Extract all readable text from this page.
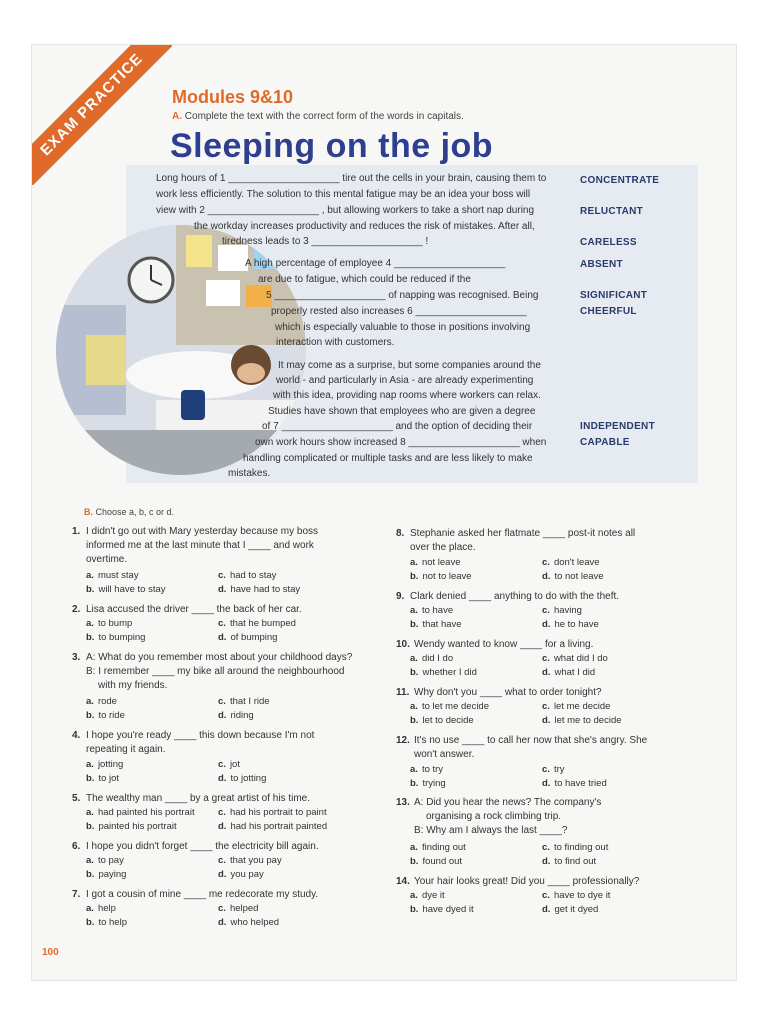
EXAM PRACTICE	Modules 9&10
A. Complete the text with the correct form of the words in capitals.
Sleeping on the job
Long hours of 1 ____________________ tire out the cells in your brain, causing them to
work less efficiently. The solution to this mental fatigue may be an idea your boss will
view with 2 ____________________ , but allowing workers to take a short nap during
the workday increases productivity and reduces the risk of mistakes. After all,
tiredness leads to 3 ____________________ !
A high percentage of employee 4 ____________________
are due to fatigue, which could be reduced if the
5 ____________________ of napping was recognised. Being
properly rested also increases 6 ____________________
which is especially valuable to those in positions involving
interaction with customers.
It may come as a surprise, but some companies around the
world - and particularly in Asia - are already experimenting
with this idea, providing nap rooms where workers can relax.
Studies have shown that employees who are given a degree
of 7 ____________________ and the option of deciding their
own work hours show increased 8 ____________________ when
handling complicated or multiple tasks and are less likely to make
mistakes.
CONCENTRATE
RELUCTANT
CARELESS
ABSENT
SIGNIFICANT
CHEERFUL
INDEPENDENT
CAPABLE
B. Choose a, b, c or d.
1. I didn't go out with Mary yesterday because my boss
informed me at the last minute that I ____ and work
overtime.
a. must stay	c. had to stay
b. will have to stay	d. have had to stay
2. Lisa accused the driver ____ the back of her car.
a. to bump	c. that he bumped
b. to bumping	d. of bumping
3. A: What do you remember most about your childhood days?
B: I remember ____ my bike all around the neighbourhood
with my friends.
a. rode	c. that I ride
b. to ride	d. riding
4. I hope you're ready ____ this down because I'm not
repeating it again.
a. jotting	c. jot
b. to jot	d. to jotting
5. The wealthy man ____ by a great artist of his time.
a. had painted his portrait c. had his portrait to paint
b. painted his portrait	d. had his portrait painted
6. I hope you didn't forget ____ the electricity bill again.
a. to pay	c. that you pay
b. paying	d. you pay
7. I got a cousin of mine ____ me redecorate my study.
a. help	c. helped
b. to help	d. who helped
8. Stephanie asked her flatmate ____ post-it notes all
over the place.
a. not leave	c. don't leave
b. not to leave	d. to not leave
9. Clark denied ____ anything to do with the theft.
a. to have	c. having
b. that have	d. he to have
10. Wendy wanted to know ____ for a living.
a. did I do	c. what did I do
b. whether I did	d. what I did
11. Why don't you ____ what to order tonight?
a. to let me decide	c. let me decide
b. let to decide	d. let me to decide
12. It's no use ____ to call her now that she's angry. She
won't answer.
a. to try	c. try
b. trying	d. to have tried
13. A: Did you hear the news? The company's
organising a rock climbing trip.
B: Why am I always the last ____?
a. finding out	c. to finding out
b. found out	d. to find out
14. Your hair looks great! Did you ____ professionally?
a. dye it	c. have to dye it
b. have dyed it	d. get it dyed
100
